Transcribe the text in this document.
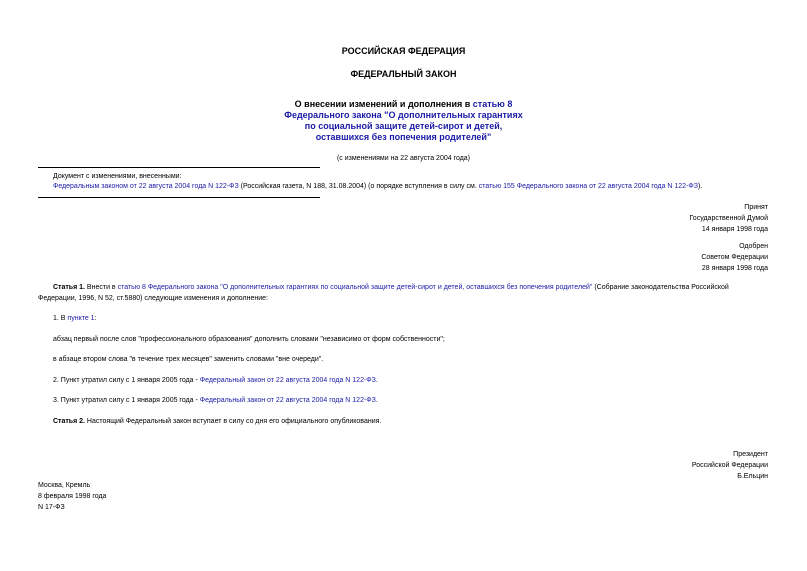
РОССИЙСКАЯ ФЕДЕРАЦИЯ
ФЕДЕРАЛЬНЫЙ ЗАКОН
О внесении изменений и дополнения в статью 8
Федерального закона "О дополнительных гарантиях
по социальной защите детей-сирот и детей,
оставшихся без попечения родителей"
(с изменениями на 22 августа 2004 года)
Документ с изменениями, внесенными:
Федеральным законом от 22 августа 2004 года N 122-ФЗ (Российская газета, N 188, 31.08.2004) (о порядке вступления в силу см. статью 155 Федерального закона от 22 августа 2004 года N 122-ФЗ).
Принят
Государственной Думой
14 января 1998 года
Одобрен
Советом Федерации
28 января 1998 года
Статья 1. Внести в статью 8 Федерального закона "О дополнительных гарантиях по социальной защите детей-сирот и детей, оставшихся без попечения родителей" (Собрание законодательства Российской
Федерации, 1996, N 52, ст.5880) следующие изменения и дополнение:
1. В пункте 1:
абзац первый после слов "профессионального образования" дополнить словами "независимо от форм собственности";
в абзаце втором слова "в течение трех месяцев" заменить словами "вне очереди".
2. Пункт утратил силу с 1 января 2005 года - Федеральный закон от 22 августа 2004 года N 122-ФЗ.
3. Пункт утратил силу с 1 января 2005 года - Федеральный закон от 22 августа 2004 года N 122-ФЗ.
Статья 2. Настоящий Федеральный закон вступает в силу со дня его официального опубликования.
Президент
Российской Федерации
Б.Ельцин
Москва, Кремль
8 февраля 1998 года
N 17-ФЗ
